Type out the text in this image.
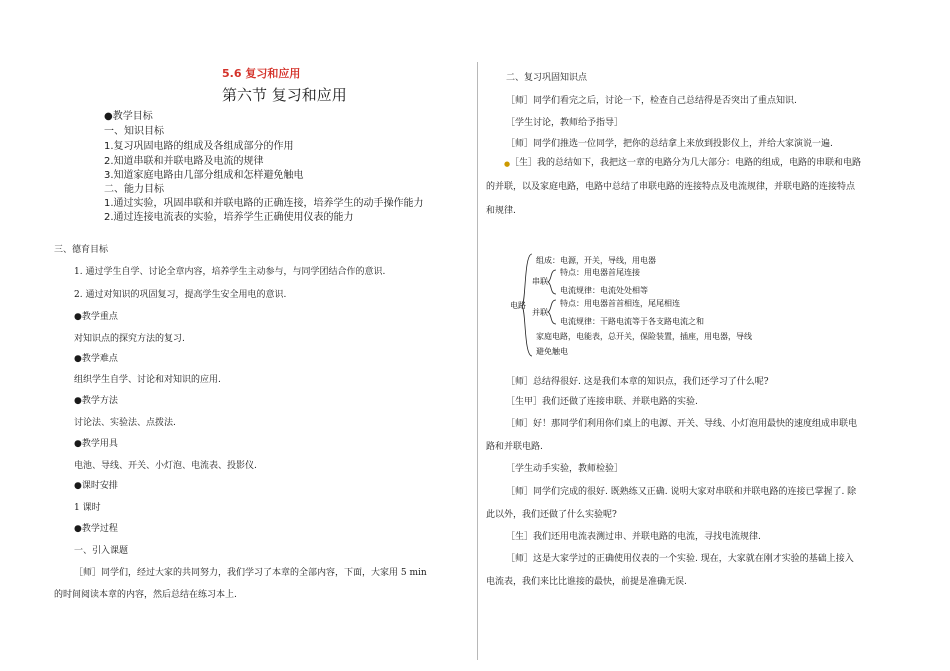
5.6 复习和应用
第六节 复习和应用
●教学目标
一、知识目标
1.复习巩固电路的组成及各组成部分的作用
2.知道串联和并联电路及电流的规律
3.知道家庭电路由几部分组成和怎样避免触电
二、能力目标
1.通过实验，巩固串联和并联电路的正确连接，培养学生的动手操作能力
2.通过连接电流表的实验，培养学生正确使用仪表的能力
三、德育目标
1. 通过学生自学、讨论全章内容，培养学生主动参与，与同学团结合作的意识.
2. 通过对知识的巩固复习，提高学生安全用电的意识.
●教学重点
对知识点的探究方法的复习.
●教学难点
组织学生自学、讨论和对知识的应用.
●教学方法
讨论法、实验法、点拨法.
●教学用具
电池、导线、开关、小灯泡、电流表、投影仪.
●课时安排
1 课时
●教学过程
一、引入课题
［师］同学们，经过大家的共同努力，我们学习了本章的全部内容，下面，大家用 5 min
的时间阅读本章的内容，然后总结在练习本上.
二、复习巩固知识点
［师］同学们看完之后，讨论一下，检查自己总结得是否突出了重点知识.
［学生讨论，教师给予指导］
［师］同学们推选一位同学，把你的总结拿上来放到投影仪上，并给大家演说一遍.
● ［生］我的总结如下，我把这一章的电路分为几大部分：电路的组成，电路的串联和电路
的并联，以及家庭电路，电路中总结了串联电路的连接特点及电流规律，并联电路的连接特点
和规律.
［师］总结得很好. 这是我们本章的知识点，我们还学习了什么呢?
［生甲］我们还做了连接串联、并联电路的实验.
［师］好！那同学们利用你们桌上的电源、开关、导线、小灯泡用最快的速度组成串联电
路和并联电路.
［学生动手实验，教师检验］
［师］同学们完成的很好. 既熟练又正确. 说明大家对串联和并联电路的连接已掌握了. 除
此以外，我们还做了什么实验呢?
［生］我们还用电流表测过串、并联电路的电流，寻找电流规律.
［师］这是大家学过的正确使用仪表的一个实验. 现在，大家就在刚才实验的基础上接入
电流表，我们来比比谁接的最快，前提是准确无误.
电路
组成：电源，开关，导线，用电器
串联
特点：用电器首尾连接
电流规律：电流处处相等
并联
特点：用电器首首相连，尾尾相连
电流规律：干路电流等于各支路电流之和
家庭电路，电能表，总开关，保险装置，插座，用电器，导线
避免触电
